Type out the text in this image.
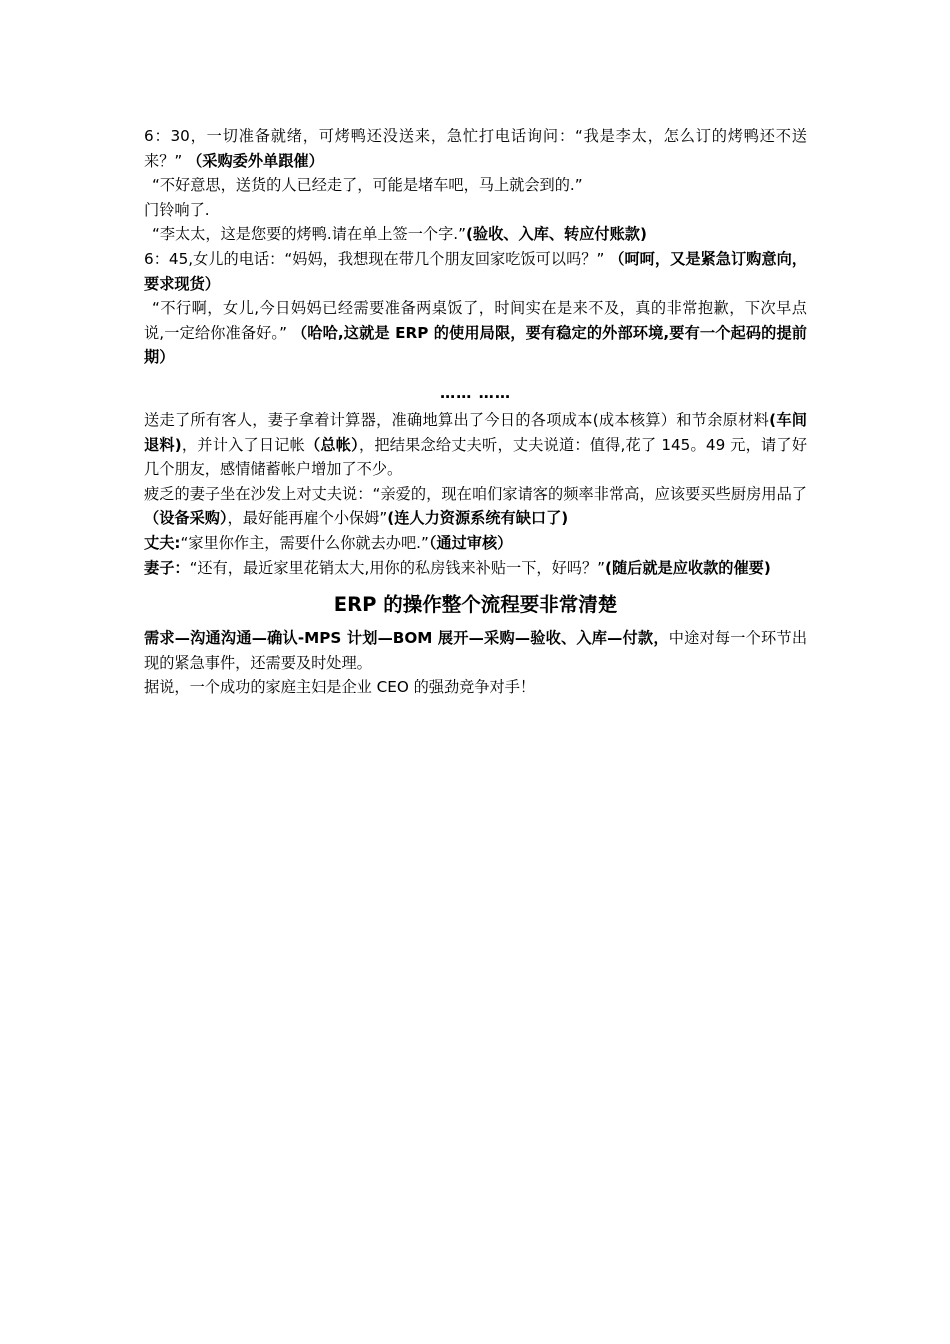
6：30，一切准备就绪，可烤鸭还没送来，急忙打电话询问：“我是李太，怎么订的烤鸭还不送来？” （采购委外单跟催）

“不好意思，送货的人已经走了，可能是堵车吧，马上就会到的.”

门铃响了.

“李太太，这是您要的烤鸭.请在单上签一个字.”(验收、入库、转应付账款)

6：45,女儿的电话：“妈妈，我想现在带几个朋友回家吃饭可以吗？” （呵呵，又是紧急订购意向，要求现货）

“不行啊，女儿,今日妈妈已经需要准备两桌饭了，时间实在是来不及，真的非常抱歉，下次早点说,一定给你准备好。” （哈哈,这就是 ERP 的使用局限，要有稳定的外部环境,要有一个起码的提前期）

…… ……

送走了所有客人，妻子拿着计算器，准确地算出了今日的各项成本(成本核算）和节余原材料(车间退料)，并计入了日记帐（总帐），把结果念给丈夫听，丈夫说道：值得,花了 145。49 元，请了好几个朋友，感情储蓄帐户增加了不少。

疲乏的妻子坐在沙发上对丈夫说：“亲爱的，现在咱们家请客的频率非常高，应该要买些厨房用品了（设备采购），最好能再雇个小保姆”(连人力资源系统有缺口了)

丈夫:“家里你作主，需要什么你就去办吧.”（通过审核）

妻子：“还有，最近家里花销太大,用你的私房钱来补贴一下，好吗？”(随后就是应收款的催要)

ERP 的操作整个流程要非常清楚

需求—沟通沟通—确认-MPS 计划—BOM 展开—采购—验收、入库—付款，中途对每一个环节出现的紧急事件，还需要及时处理。

据说，一个成功的家庭主妇是企业 CEO 的强劲竞争对手！
